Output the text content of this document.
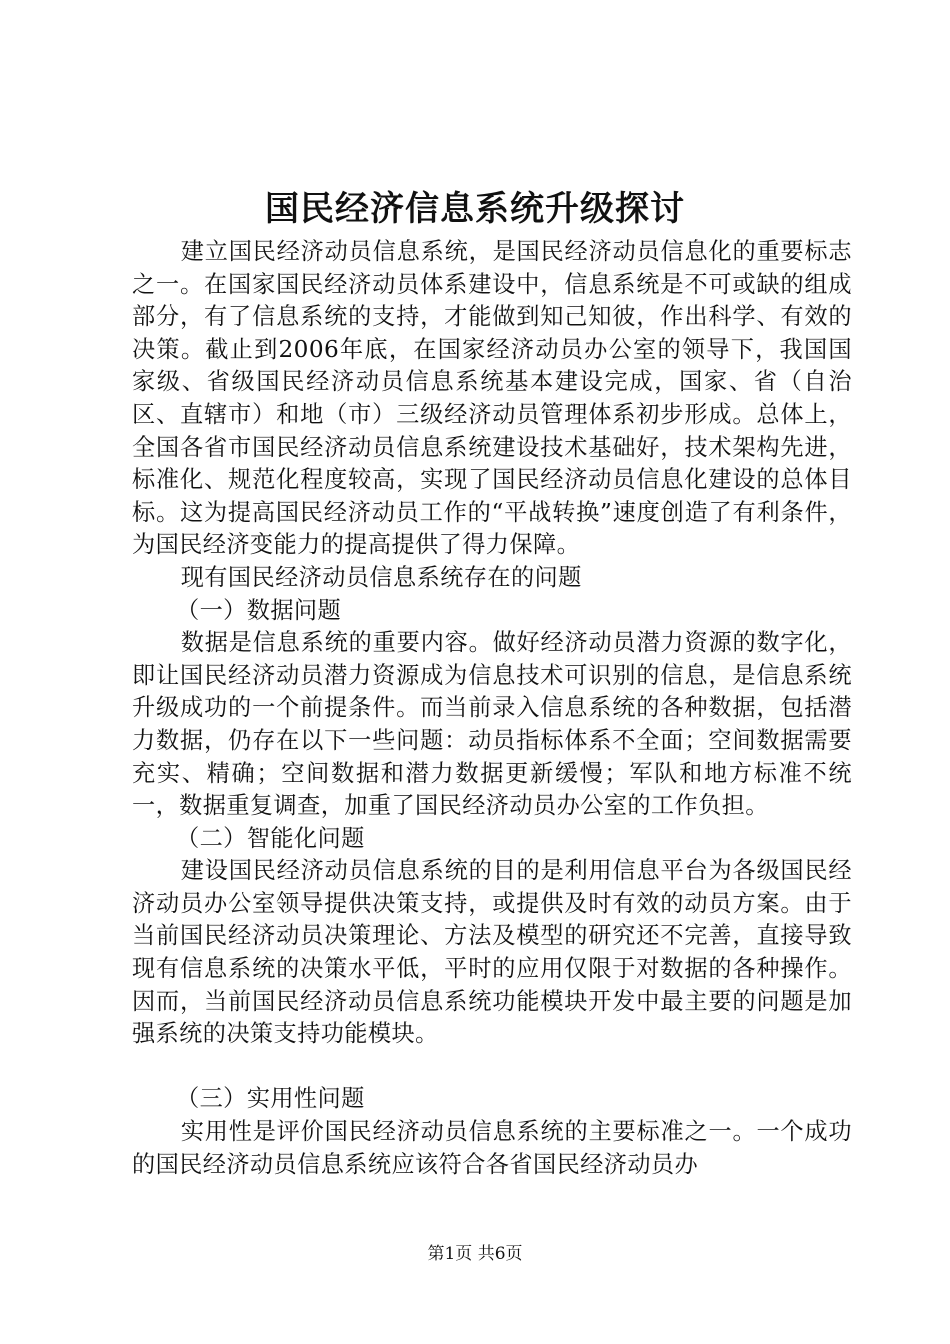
国民经济信息系统升级探讨

建立国民经济动员信息系统，是国民经济动员信息化的重要标志之一。在国家国民经济动员体系建设中，信息系统是不可或缺的组成部分，有了信息系统的支持，才能做到知己知彼，作出科学、有效的决策。截止到2006年底，在国家经济动员办公室的领导下，我国国家级、省级国民经济动员信息系统基本建设完成，国家、省（自治区、直辖市）和地（市）三级经济动员管理体系初步形成。总体上，全国各省市国民经济动员信息系统建设技术基础好，技术架构先进，标准化、规范化程度较高，实现了国民经济动员信息化建设的总体目标。这为提高国民经济动员工作的“平战转换”速度创造了有利条件，为国民经济变能力的提高提供了得力保障。

现有国民经济动员信息系统存在的问题

（一）数据问题

数据是信息系统的重要内容。做好经济动员潜力资源的数字化，即让国民经济动员潜力资源成为信息技术可识别的信息，是信息系统升级成功的一个前提条件。而当前录入信息系统的各种数据，包括潜力数据，仍存在以下一些问题：动员指标体系不全面；空间数据需要充实、精确；空间数据和潜力数据更新缓慢；军队和地方标准不统一，数据重复调查，加重了国民经济动员办公室的工作负担。

（二）智能化问题

建设国民经济动员信息系统的目的是利用信息平台为各级国民经济动员办公室领导提供决策支持，或提供及时有效的动员方案。由于当前国民经济动员决策理论、方法及模型的研究还不完善，直接导致现有信息系统的决策水平低，平时的应用仅限于对数据的各种操作。因而，当前国民经济动员信息系统功能模块开发中最主要的问题是加强系统的决策支持功能模块。

（三）实用性问题

实用性是评价国民经济动员信息系统的主要标准之一。一个成功的国民经济动员信息系统应该符合各省国民经济动员办

第1页 共6页
